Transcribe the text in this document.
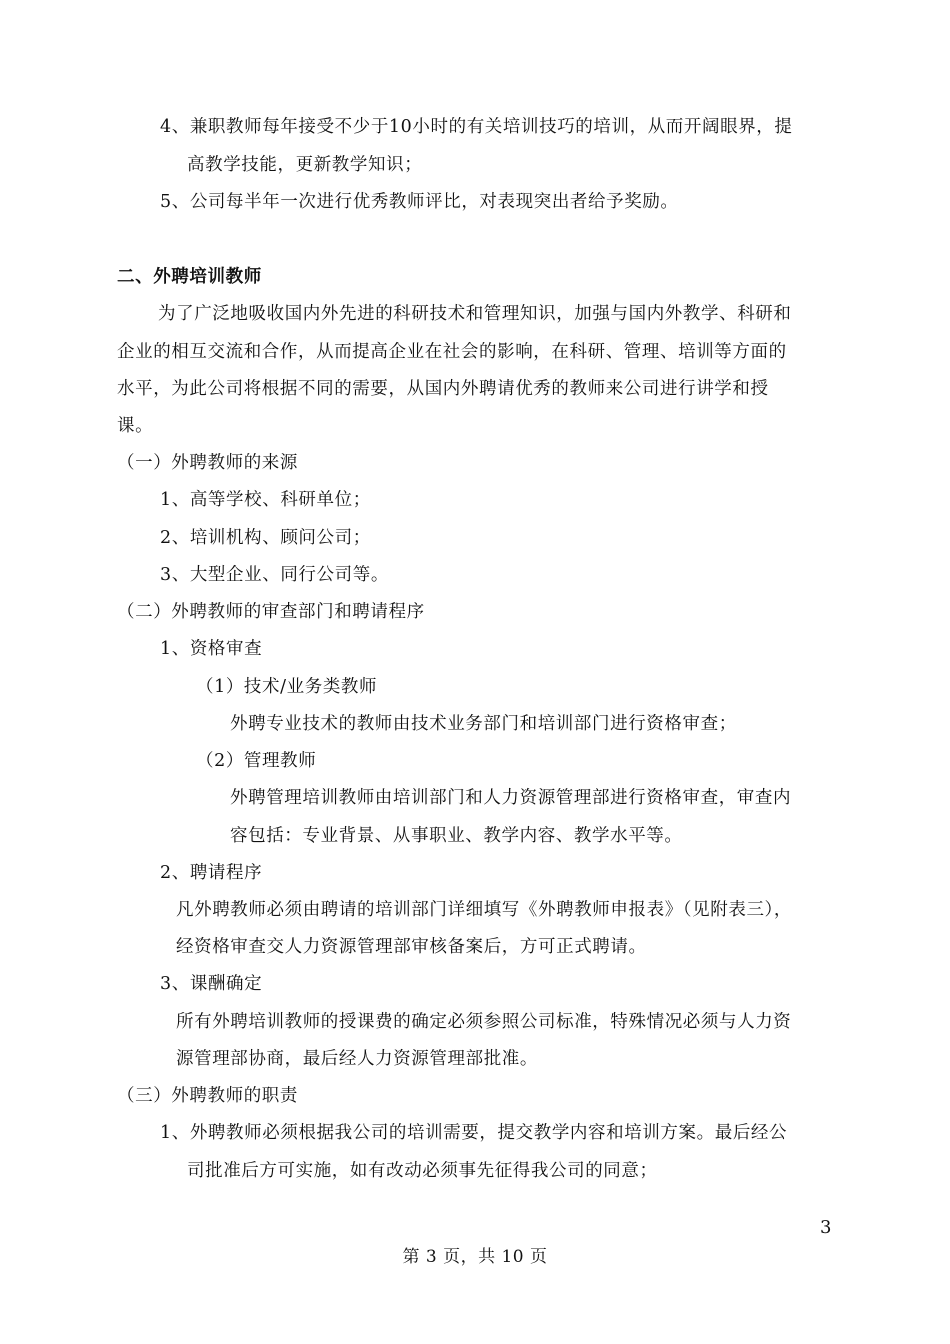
4、兼职教师每年接受不少于10小时的有关培训技巧的培训，从而开阔眼界，提
高教学技能，更新教学知识；
5、公司每半年一次进行优秀教师评比，对表现突出者给予奖励。
二、外聘培训教师
为了广泛地吸收国内外先进的科研技术和管理知识，加强与国内外教学、科研和
企业的相互交流和合作，从而提高企业在社会的影响，在科研、管理、培训等方面的
水平，为此公司将根据不同的需要，从国内外聘请优秀的教师来公司进行讲学和授
课。
（一）外聘教师的来源
1、高等学校、科研单位；
2、培训机构、顾问公司；
3、大型企业、同行公司等。
（二）外聘教师的审查部门和聘请程序
1、资格审查
（1）技术/业务类教师
外聘专业技术的教师由技术业务部门和培训部门进行资格审查；
（2）管理教师
外聘管理培训教师由培训部门和人力资源管理部进行资格审查，审查内
容包括：专业背景、从事职业、教学内容、教学水平等。
2、聘请程序
凡外聘教师必须由聘请的培训部门详细填写《外聘教师申报表》（见附表三），
经资格审查交人力资源管理部审核备案后，方可正式聘请。
3、课酬确定
所有外聘培训教师的授课费的确定必须参照公司标准，特殊情况必须与人力资
源管理部协商，最后经人力资源管理部批准。
（三）外聘教师的职责
1、外聘教师必须根据我公司的培训需要，提交教学内容和培训方案。最后经公
司批准后方可实施，如有改动必须事先征得我公司的同意；
3
第 3 页，共 10 页
